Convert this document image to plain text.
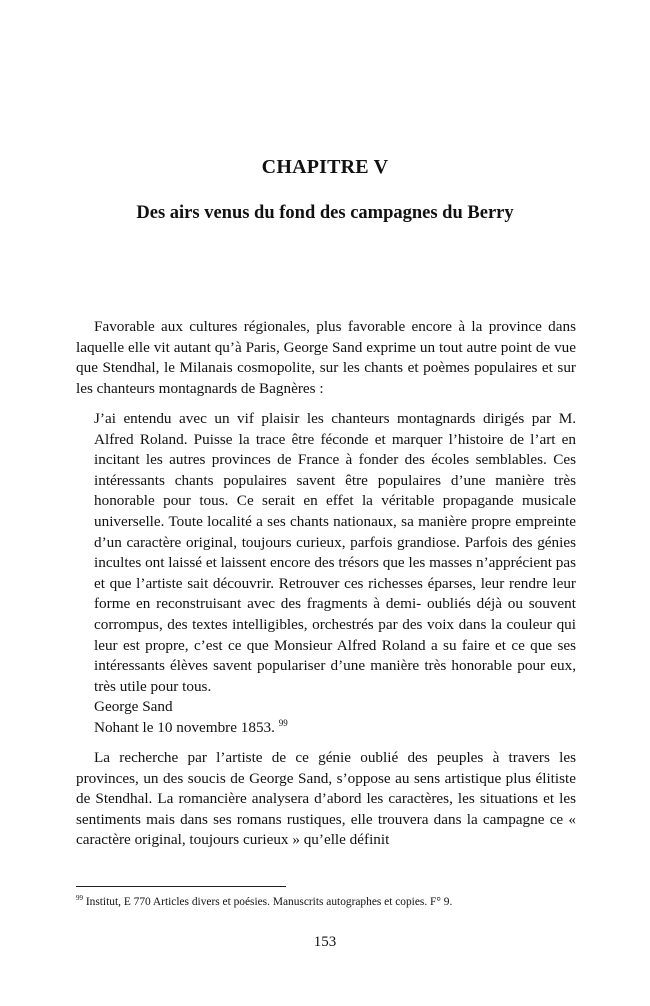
CHAPITRE V
Des airs venus du fond des campagnes du Berry

Favorable aux cultures régionales, plus favorable encore à la province dans laquelle elle vit autant qu’à Paris, George Sand exprime un tout autre point de vue que Stendhal, le Milanais cosmopolite, sur les chants et poèmes populaires et sur les chanteurs montagnards de Bagnères :

J’ai entendu avec un vif plaisir les chanteurs montagnards dirigés par M. Alfred Roland. Puisse la trace être féconde et marquer l’histoire de l’art en incitant les autres provinces de France à fonder des écoles semblables. Ces intéressants chants populaires savent être populaires d’une manière très honorable pour tous. Ce serait en effet la véritable propagande musicale universelle. Toute localité a ses chants nationaux, sa manière propre empreinte d’un caractère original, toujours curieux, parfois grandiose. Parfois des génies incultes ont laissé et laissent encore des trésors que les masses n’apprécient pas et que l’artiste sait découvrir. Retrouver ces richesses éparses, leur rendre leur forme en reconstruisant avec des fragments à demi- oubliés déjà ou souvent corrompus, des textes intelligibles, orchestrés par des voix dans la couleur qui leur est propre, c’est ce que Monsieur Alfred Roland a su faire et ce que ses intéressants élèves savent populariser d’une manière très honorable pour eux, très utile pour tous.
George Sand
Nohant le 10 novembre 1853. $^{99}$

La recherche par l’artiste de ce génie oublié des peuples à travers les provinces, un des soucis de George Sand, s’oppose au sens artistique plus élitiste de Stendhal. La romancière analysera d’abord les caractères, les situations et les sentiments mais dans ses romans rustiques, elle trouvera dans la campagne ce « caractère original, toujours curieux » qu’elle définit

$^{99}$ Institut, E 770 Articles divers et poésies. Manuscrits autographes et copies. F° 9.
153
